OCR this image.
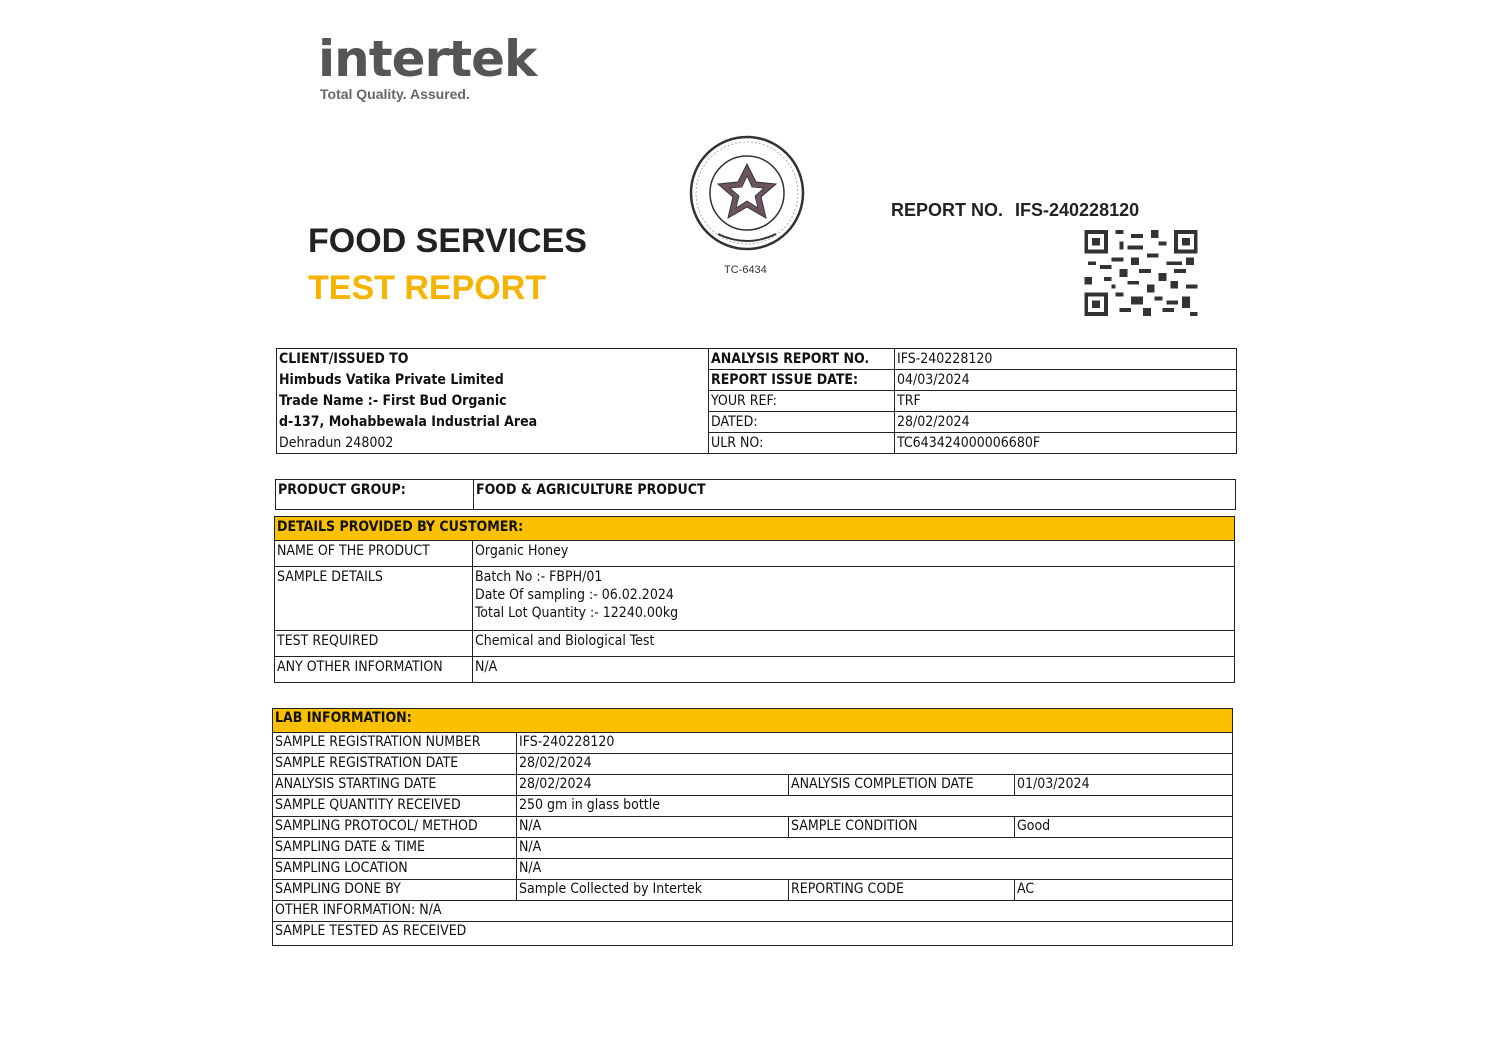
intertek
Total Quality. Assured.
FOOD SERVICES
TEST REPORT	TC-6434
REPORT NO. IFS-240228120
CLIENT/ISSUED TO	ANALYSIS REPORT NO.	IFS-240228120
Himbuds Vatika Private Limited	REPORT ISSUE DATE:	04/03/2024
Trade Name :- First Bud Organic	YOUR REF:	TRF
d-137, Mohabbewala Industrial Area	DATED:	28/02/2024
Dehradun 248002	ULR NO:	TC643424000006680F
PRODUCT GROUP:	FOOD & AGRICULTURE PRODUCT
DETAILS PROVIDED BY CUSTOMER:	
NAME OF THE PRODUCT	Organic Honey
SAMPLE DETAILS	Batch No :- FBPH/01
Date Of sampling :- 06.02.2024
Total Lot Quantity :- 12240.00kg

TEST REQUIRED	Chemical and Biological Test
ANY OTHER INFORMATION	N/A
LAB INFORMATION:			
SAMPLE REGISTRATION NUMBER	IFS-240228120		
SAMPLE REGISTRATION DATE	28/02/2024		
ANALYSIS STARTING DATE	28/02/2024	ANALYSIS COMPLETION DATE	01/03/2024
SAMPLE QUANTITY RECEIVED	250 gm in glass bottle		
SAMPLING PROTOCOL/ METHOD	N/A	SAMPLE CONDITION	Good
SAMPLING DATE & TIME	N/A		
SAMPLING LOCATION	N/A		
SAMPLING DONE BY	Sample Collected by Intertek	REPORTING CODE	AC
OTHER INFORMATION: N/A			
SAMPLE TESTED AS RECEIVED			
